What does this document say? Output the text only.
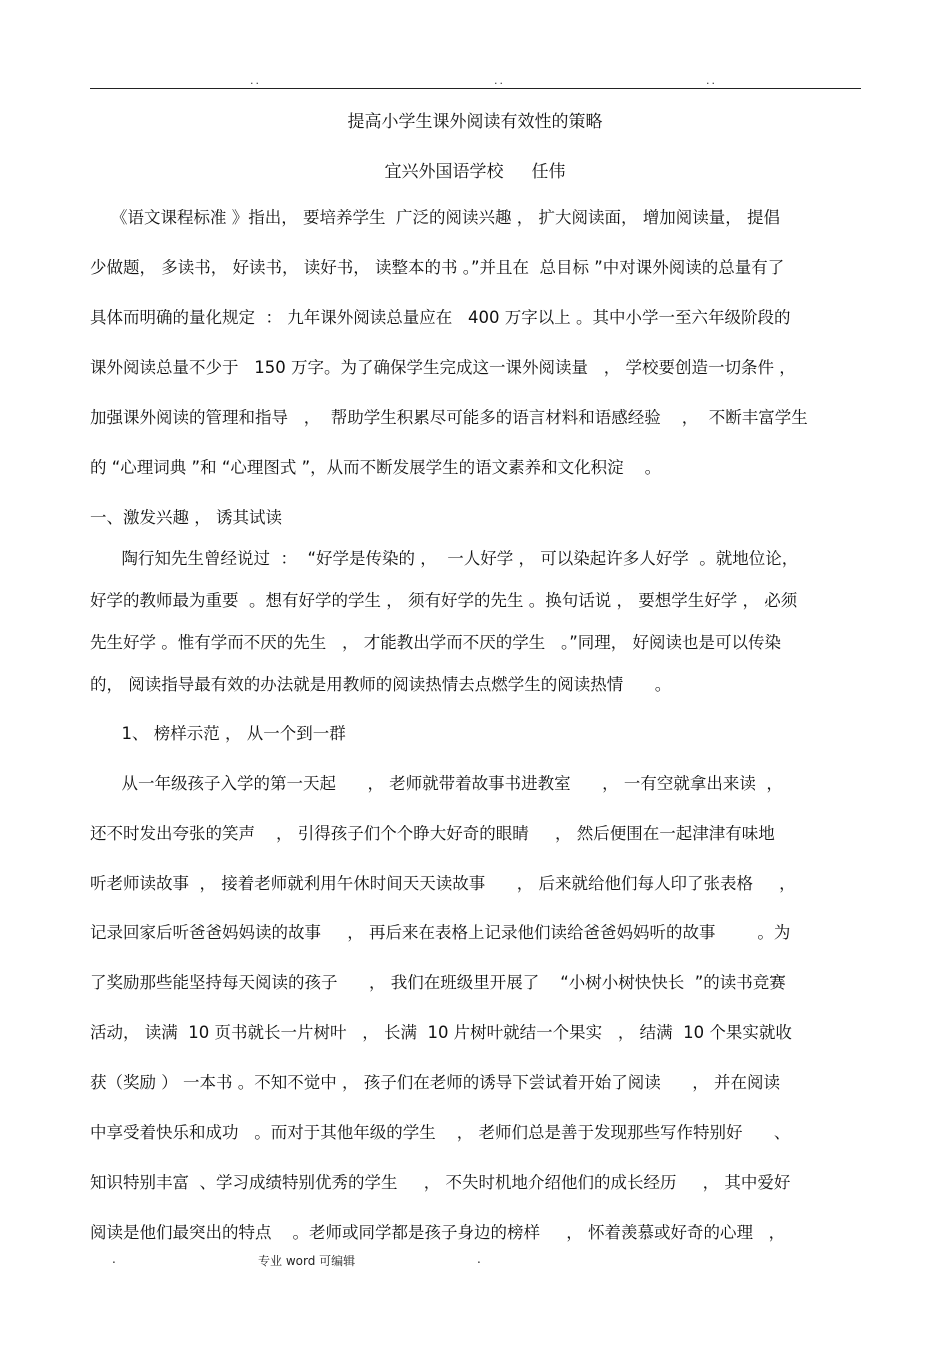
..	..	..
提高小学生课外阅读有效性的策略
宜兴外国语学校 任伟
《语文课程标准 》指出， 要培养学生  广泛的阅读兴趣 ， 扩大阅读面， 增加阅读量， 提倡
少做题， 多读书， 好读书， 读好书， 读整本的书 。”并且在  总目标 ”中对课外阅读的总量有了
具体而明确的量化规定  ： 九年课外阅读总量应在   400 万字以上 。其中小学一至六年级阶段的
课外阅读总量不少于   150 万字。为了确保学生完成这一课外阅读量   ， 学校要创造一切条件 ，
加强课外阅读的管理和指导   ，  帮助学生积累尽可能多的语言材料和语感经验    ，  不断丰富学生
的 “心理词典 ”和 “心理图式 ”，从而不断发展学生的语文素养和文化积淀    。
一、激发兴趣 ， 诱其试读
陶行知先生曾经说过  ：  “好学是传染的 ，  一人好学 ， 可以染起许多人好学  。就地位论，
好学的教师最为重要  。想有好学的学生 ， 须有好学的先生 。换句话说 ， 要想学生好学 ， 必须
先生好学 。惟有学而不厌的先生   ， 才能教出学而不厌的学生   。”同理， 好阅读也是可以传染
的， 阅读指导最有效的办法就是用教师的阅读热情去点燃学生的阅读热情      。
1、 榜样示范 ， 从一个到一群
从一年级孩子入学的第一天起      ， 老师就带着故事书进教室      ， 一有空就拿出来读  ，
还不时发出夸张的笑声    ， 引得孩子们个个睁大好奇的眼睛     ， 然后便围在一起津津有味地
听老师读故事  ， 接着老师就利用午休时间天天读故事      ， 后来就给他们每人印了张表格     ，
记录回家后听爸爸妈妈读的故事     ， 再后来在表格上记录他们读给爸爸妈妈听的故事        。为
了奖励那些能坚持每天阅读的孩子      ， 我们在班级里开展了    “小树小树快快长  ”的读书竞赛
活动， 读满  10 页书就长一片树叶   ， 长满  10 片树叶就结一个果实   ， 结满  10 个果实就收
获（奖励 ） 一本书 。不知不觉中 ， 孩子们在老师的诱导下尝试着开始了阅读      ， 并在阅读
中享受着快乐和成功   。而对于其他年级的学生    ， 老师们总是善于发现那些写作特别好      、
知识特别丰富  、学习成绩特别优秀的学生     ， 不失时机地介绍他们的成长经历     ， 其中爱好
阅读是他们最突出的特点    。老师或同学都是孩子身边的榜样     ， 怀着羡慕或好奇的心理   ，
.	专业 word 可编辑	.
